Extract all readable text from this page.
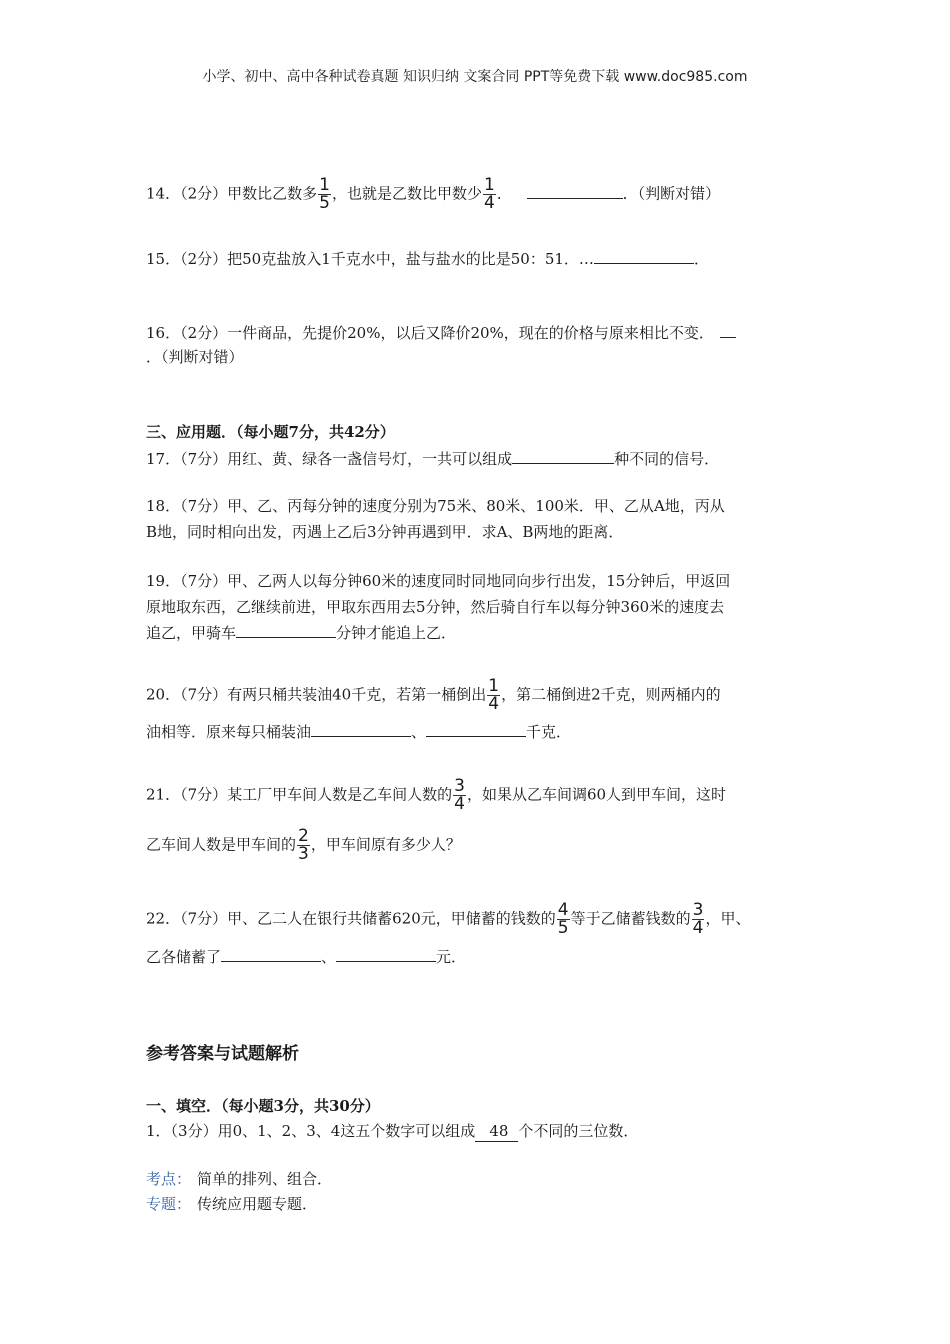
小学、初中、高中各种试卷真题 知识归纳 文案合同 PPT等免费下载 www.doc985.com
14．（2分）甲数比乙数多 $\frac{1}{5}$ ，也就是乙数比甲数少 $\frac{1}{4}$ ．	．（判断对错）
15．（2分）把50克盐放入1千克水中，盐与盐水的比是50：51．…	．
16．（2分）一件商品，先提价20%，以后又降价20%，现在的价格与原来相比不变．
．（判断对错）
三、应用题．（每小题7分，共42分）
17．（7分）用红、黄、绿各一盏信号灯，一共可以组成	种不同的信号．
18．（7分）甲、乙、丙每分钟的速度分别为75米、80米、100米．甲、乙从A地，丙从
B地，同时相向出发，丙遇上乙后3分钟再遇到甲．求A、B两地的距离．
19．（7分）甲、乙两人以每分钟60米的速度同时同地同向步行出发，15分钟后，甲返回
原地取东西，乙继续前进，甲取东西用去5分钟，然后骑自行车以每分钟360米的速度去
追乙，甲骑车	分钟才能追上乙．
20．（7分）有两只桶共装油40千克，若第一桶倒出 $\frac{1}{4}$ ，第二桶倒进2千克，则两桶内的
油相等．原来每只桶装油	、	千克．
21．（7分）某工厂甲车间人数是乙车间人数的 $\frac{3}{4}$ ，如果从乙车间调60人到甲车间，这时
乙车间人数是甲车间的 $\frac{2}{3}$ ，甲车间原有多少人？
22．（7分）甲、乙二人在银行共储蓄620元，甲储蓄的钱数的 $\frac{4}{5}$ 等于乙储蓄钱数的 $\frac{3}{4}$ ，甲、
乙各储蓄了	、	元．
参考答案与试题解析
一、填空．（每小题3分，共30分）
1．（3分）用0、1、2、3、4这五个数字可以组成 48 个不同的三位数．
考点： 简单的排列、组合．
专题： 传统应用题专题．
